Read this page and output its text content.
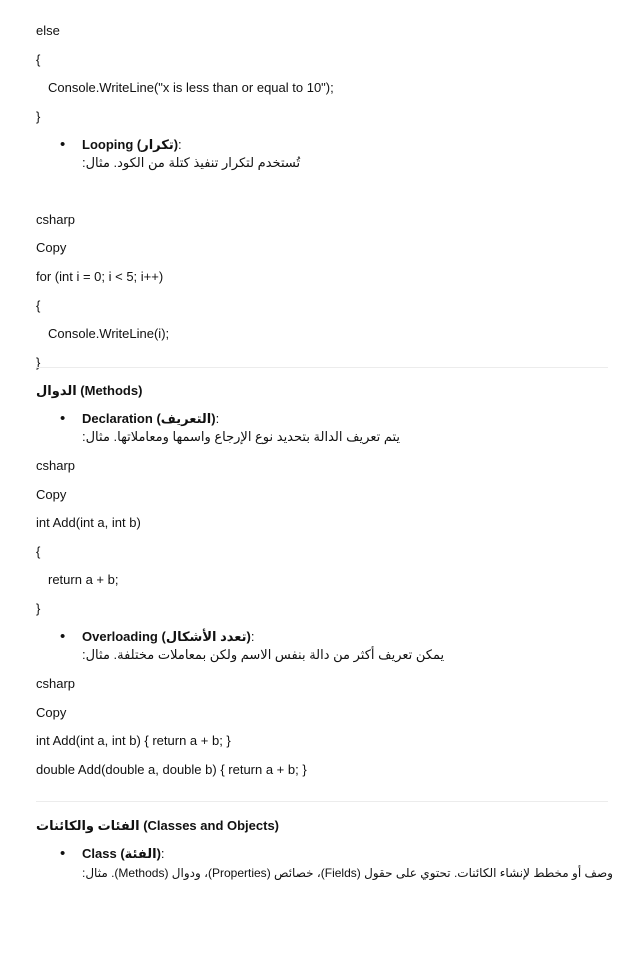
else
{
Console.WriteLine("x is less than or equal to 10");
}
• Looping (تكرار):
تُستخدم لتكرار تنفيذ كتلة من الكود. مثال:
csharp
Copy
for (int i = 0; i < 5; i++)
{
Console.WriteLine(i);
}
الدوال (Methods)
• Declaration (التعريف):
يتم تعريف الدالة بتحديد نوع الإرجاع واسمها ومعاملاتها. مثال:
csharp
Copy
int Add(int a, int b)
{
return a + b;
}
• Overloading (تعدد الأشكال):
يمكن تعريف أكثر من دالة بنفس الاسم ولكن بمعاملات مختلفة. مثال:
csharp
Copy
int Add(int a, int b) { return a + b; }
double Add(double a, double b) { return a + b; }
الفئات والكائنات (Classes and Objects)
• Class (الفئة):
وصف أو مخطط لإنشاء الكائنات. تحتوي على حقول (Fields)، خصائص (Properties)، ودوال (Methods). مثال:
